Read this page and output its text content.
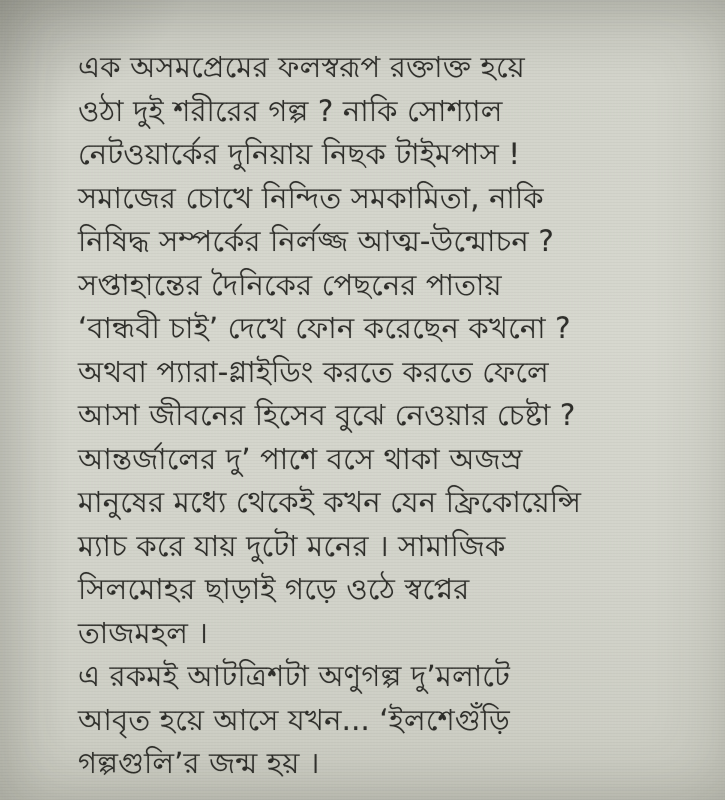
এক অসমপ্রেমের ফলস্বরূপ রক্তাক্ত হয়ে
ওঠা দুই শরীরের গল্প ? নাকি সোশ্যাল
নেটওয়ার্কের দুনিয়ায় নিছক টাইমপাস !
সমাজের চোখে নিন্দিত সমকামিতা, নাকি
নিষিদ্ধ সম্পর্কের নির্লজ্জ আত্ম-উন্মোচন ?
সপ্তাহান্তের দৈনিকের পেছনের পাতায়
‘বান্ধবী চাই’ দেখে ফোন করেছেন কখনো ?
অথবা প্যারা-গ্লাইডিং করতে করতে ফেলে
আসা জীবনের হিসেব বুঝে নেওয়ার চেষ্টা ?
আন্তর্জালের দু’ পাশে বসে থাকা অজস্র
মানুষের মধ্যে থেকেই কখন যেন ফ্রিকোয়েন্সি
ম্যাচ করে যায় দুটো মনের । সামাজিক
সিলমোহর ছাড়াই গড়ে ওঠে স্বপ্নের
তাজমহল ।
এ রকমই আটত্রিশটা অণুগল্প দু’মলাটে
আবৃত হয়ে আসে যখন... ‘ইলশেগুঁড়ি
গল্পগুলি’র জন্ম হয় ।
